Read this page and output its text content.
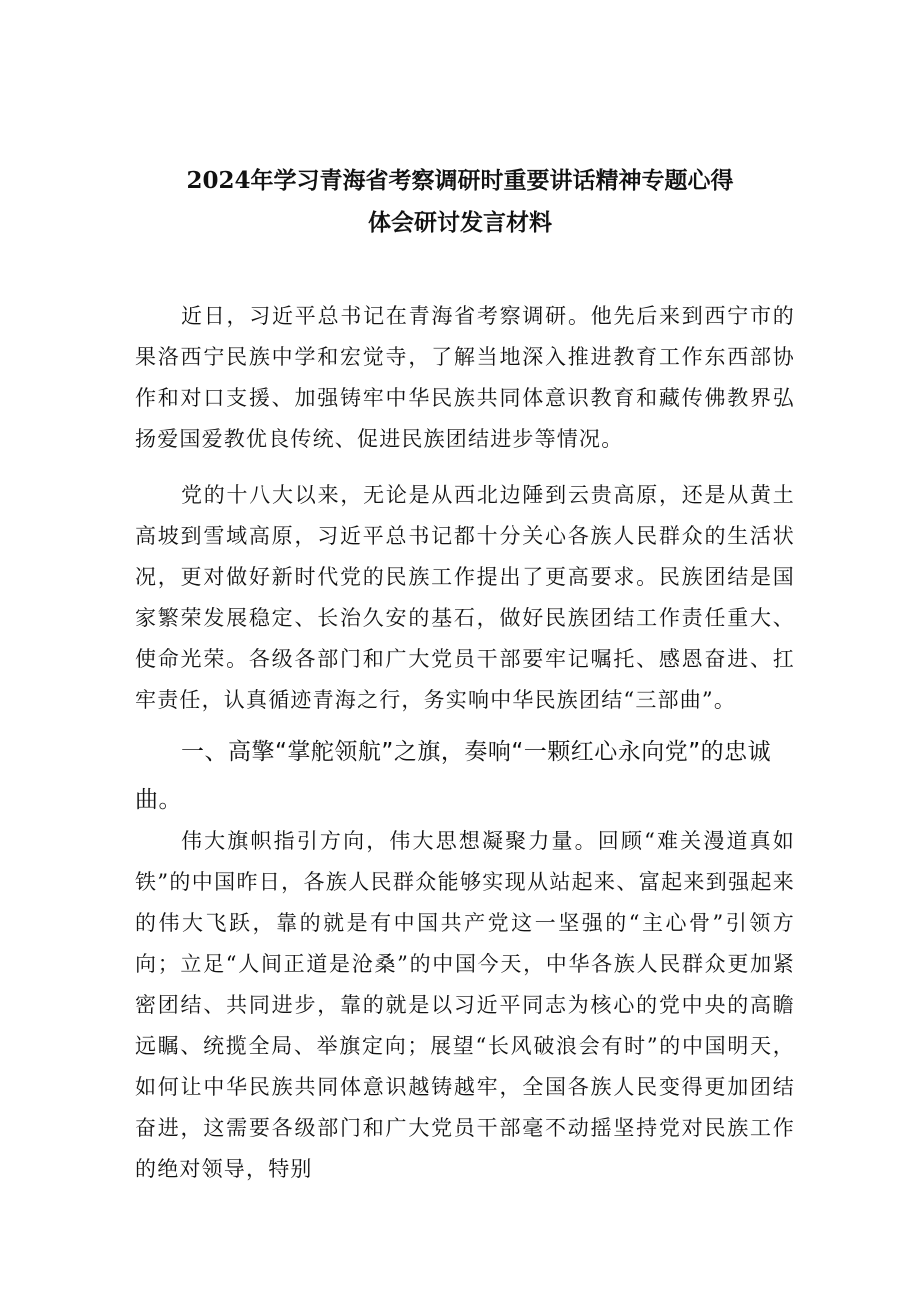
2024年学习青海省考察调研时重要讲话精神专题心得
体会研讨发言材料
近日，习近平总书记在青海省考察调研。他先后来到西宁市的果洛西宁民族中学和宏觉寺，了解当地深入推进教育工作东西部协作和对口支援、加强铸牢中华民族共同体意识教育和藏传佛教界弘扬爱国爱教优良传统、促进民族团结进步等情况。
党的十八大以来，无论是从西北边陲到云贵高原，还是从黄土高坡到雪域高原，习近平总书记都十分关心各族人民群众的生活状况，更对做好新时代党的民族工作提出了更高要求。民族团结是国家繁荣发展稳定、长治久安的基石，做好民族团结工作责任重大、使命光荣。各级各部门和广大党员干部要牢记嘱托、感恩奋进、扛牢责任，认真循迹青海之行，务实响中华民族团结“三部曲”。
一、高擎“掌舵领航”之旗，奏响“一颗红心永向党”的忠诚曲。
伟大旗帜指引方向，伟大思想凝聚力量。回顾“难关漫道真如铁”的中国昨日，各族人民群众能够实现从站起来、富起来到强起来的伟大飞跃，靠的就是有中国共产党这一坚强的“主心骨”引领方向；立足“人间正道是沧桑”的中国今天，中华各族人民群众更加紧密团结、共同进步，靠的就是以习近平同志为核心的党中央的高瞻远瞩、统揽全局、举旗定向；展望“长风破浪会有时”的中国明天，如何让中华民族共同体意识越铸越牢，全国各族人民变得更加团结奋进，这需要各级部门和广大党员干部毫不动摇坚持党对民族工作的绝对领导，特别
